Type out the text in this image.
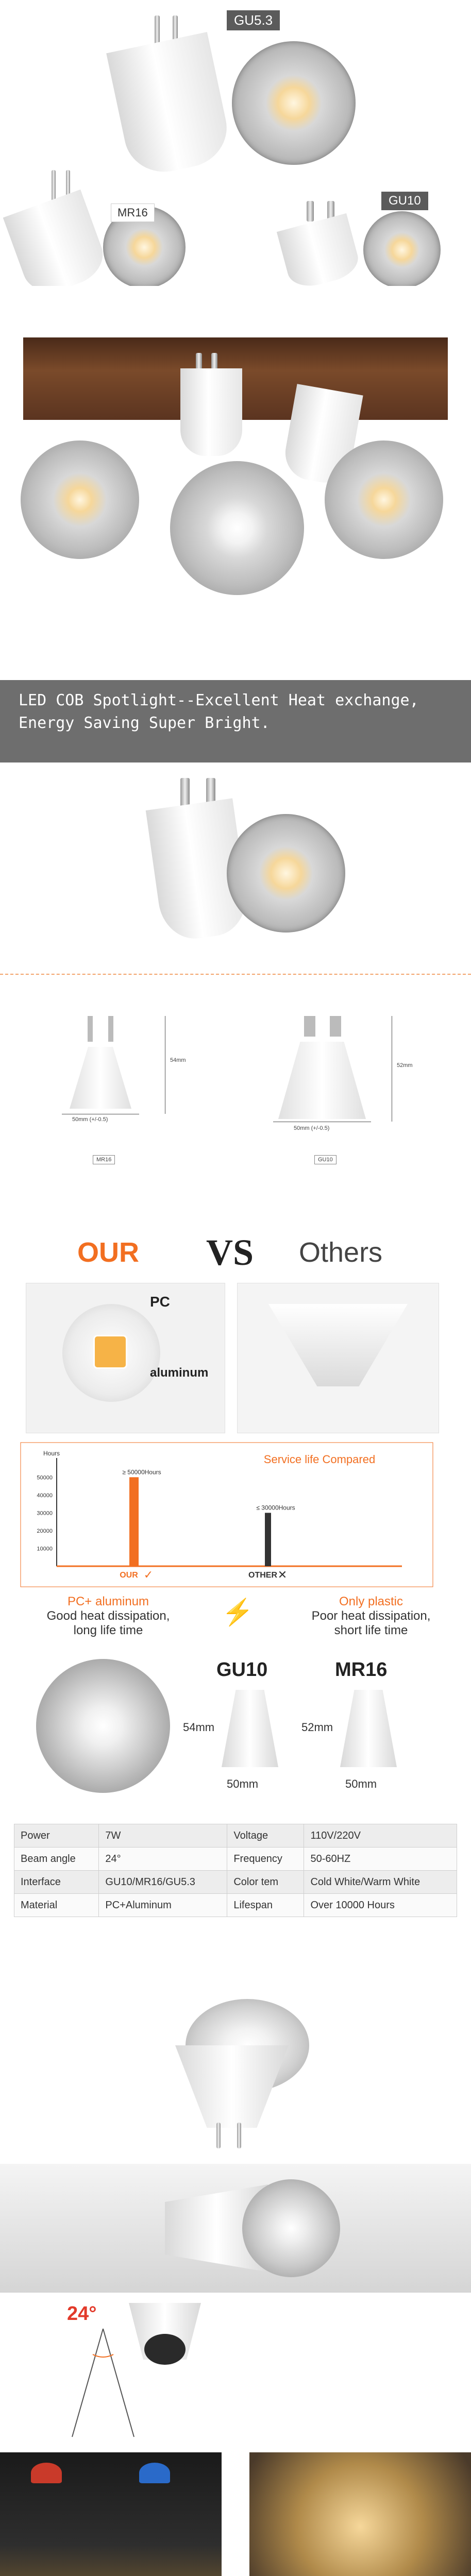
GU5.3
MR16
GU10
LED COB Spotlight--Excellent Heat exchange,
Energy Saving Super Bright.
50mm (+/-0.5)
54mm
MR16
50mm (+/-0.5)
52mm
GU10
OUR VS Others
PC
aluminum
Service life Compared
Hours
50000
40000
30000
20000
10000
≥ 50000Hours
OUR ✓
≤ 30000Hours
OTHER ✕
PC+ aluminum
Good heat dissipation,
long life time
⚡	Only plastic
Poor heat dissipation,
short life time
GU10
54mm
50mm
MR16
52mm
50mm
Power	7W	Voltage	110V/220V
Beam angle	24°	Frequency	50-60HZ
Interface	GU10/MR16/GU5.3	Color tem	Cold White/Warm White
Material	PC+Aluminum	Lifespan	Over 10000 Hours
24°
